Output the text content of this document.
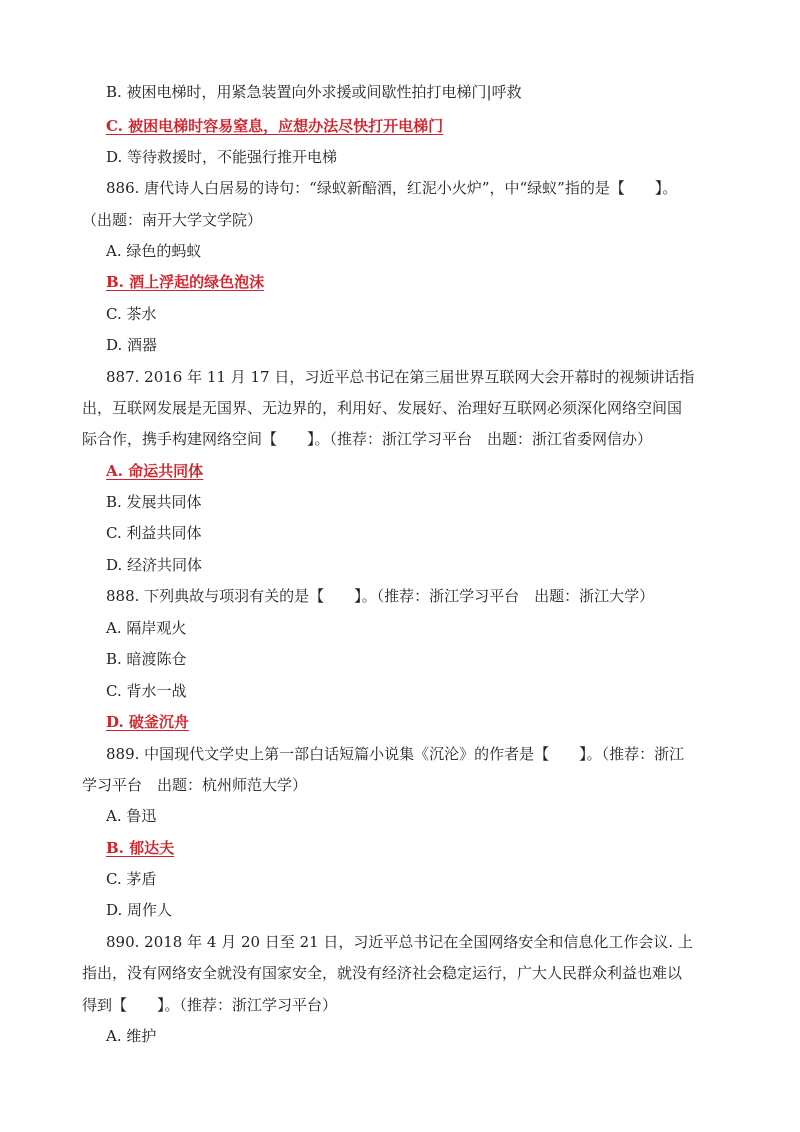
B. 被困电梯时，用紧急装置向外求援或间歇性拍打电梯门|呼救
C. 被困电梯时容易窒息，应想办法尽快打开电梯门
D. 等待救援时，不能强行推开电梯
886. 唐代诗人白居易的诗句：“绿蚁新醅酒，红泥小火炉”，中“绿蚁”指的是【　　】。
（出题：南开大学文学院）
A. 绿色的蚂蚁
B. 酒上浮起的绿色泡沫
C. 茶水
D. 酒器
887. 2016 年 11 月 17 日，习近平总书记在第三届世界互联网大会开幕时的视频讲话指
出，互联网发展是无国界、无边界的，利用好、发展好、治理好互联网必须深化网络空间国
际合作，携手构建网络空间【　　】。（推荐：浙江学习平台　出题：浙江省委网信办）
A. 命运共同体
B. 发展共同体
C. 利益共同体
D. 经济共同体
888. 下列典故与项羽有关的是【　　】。（推荐：浙江学习平台　出题：浙江大学）
A. 隔岸观火
B. 暗渡陈仓
C. 背水一战
D. 破釜沉舟
889. 中国现代文学史上第一部白话短篇小说集《沉沦》的作者是【　　】。（推荐：浙江
学习平台　出题：杭州师范大学）
A. 鲁迅
B. 郁达夫
C. 茅盾
D. 周作人
890. 2018 年 4 月 20 日至 21 日，习近平总书记在全国网络安全和信息化工作会议. 上
指出，没有网络安全就没有国家安全，就没有经济社会稳定运行，广大人民群众利益也难以
得到【　　】。（推荐：浙江学习平台）
A. 维护
